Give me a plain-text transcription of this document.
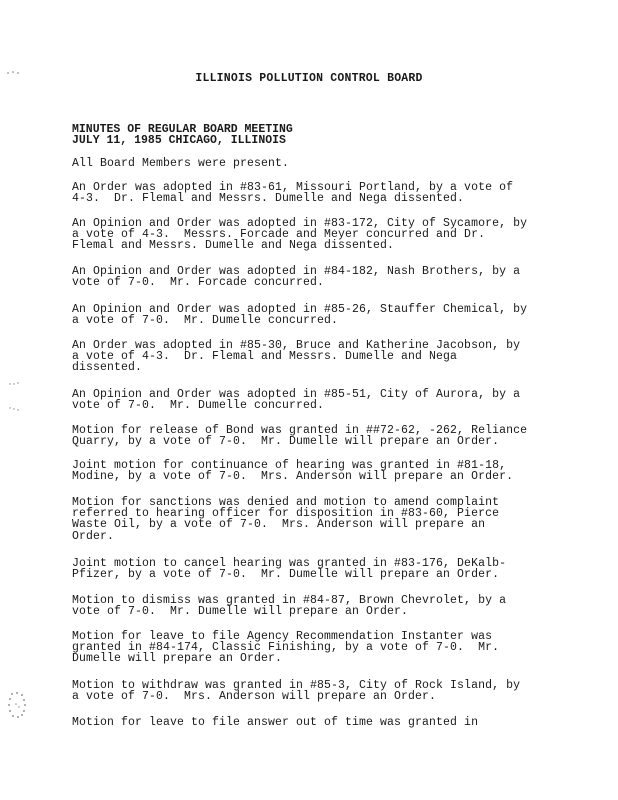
ILLINOIS POLLUTION CONTROL BOARD
MINUTES OF REGULAR BOARD MEETING
JULY 11, 1985 CHICAGO, ILLINOIS
All Board Members were present.
An Order was adopted in #83-61, Missouri Portland, by a vote of
4-3.  Dr. Flemal and Messrs. Dumelle and Nega dissented.
An Opinion and Order was adopted in #83-172, City of Sycamore, by
a vote of 4-3.  Messrs. Forcade and Meyer concurred and Dr.
Flemal and Messrs. Dumelle and Nega dissented.
An Opinion and Order was adopted in #84-182, Nash Brothers, by a
vote of 7-0.  Mr. Forcade concurred.
An Opinion and Order was adopted in #85-26, Stauffer Chemical, by
a vote of 7-0.  Mr. Dumelle concurred.
An Order was adopted in #85-30, Bruce and Katherine Jacobson, by
a vote of 4-3.  Dr. Flemal and Messrs. Dumelle and Nega
dissented.
An Opinion and Order was adopted in #85-51, City of Aurora, by a
vote of 7-0.  Mr. Dumelle concurred.
Motion for release of Bond was granted in ##72-62, -262, Reliance
Quarry, by a vote of 7-0.  Mr. Dumelle will prepare an Order.
Joint motion for continuance of hearing was granted in #81-18,
Modine, by a vote of 7-0.  Mrs. Anderson will prepare an Order.
Motion for sanctions was denied and motion to amend complaint
referred to hearing officer for disposition in #83-60, Pierce
Waste Oil, by a vote of 7-0.  Mrs. Anderson will prepare an
Order.
Joint motion to cancel hearing was granted in #83-176, DeKalb-
Pfizer, by a vote of 7-0.  Mr. Dumelle will prepare an Order.
Motion to dismiss was granted in #84-87, Brown Chevrolet, by a
vote of 7-0.  Mr. Dumelle will prepare an Order.
Motion for leave to file Agency Recommendation Instanter was
granted in #84-174, Classic Finishing, by a vote of 7-0.  Mr.
Dumelle will prepare an Order.
Motion to withdraw was granted in #85-3, City of Rock Island, by
a vote of 7-0.  Mrs. Anderson will prepare an Order.
Motion for leave to file answer out of time was granted in
